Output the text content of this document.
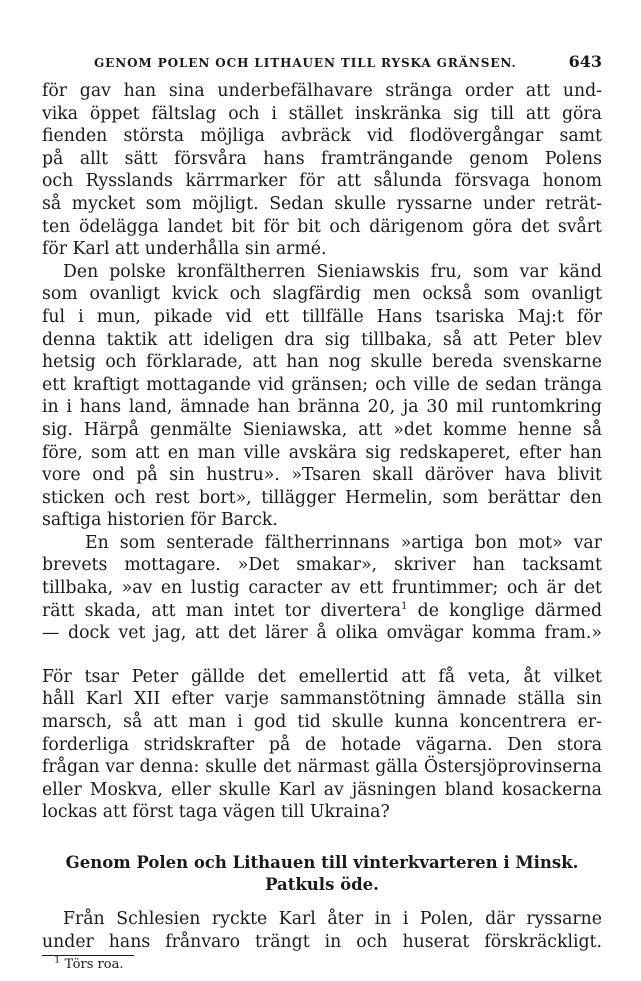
GENOM POLEN OCH LITHAUEN TILL RYSKA GRÄNSEN.	643
för gav han sina underbefälhavare stränga order att und-
vika öppet fältslag och i stället inskränka sig till att göra
fienden största möjliga avbräck vid flodövergångar samt
på allt sätt försvåra hans framträngande genom Polens
och Rysslands kärrmarker för att sålunda försvaga honom
så mycket som möjligt. Sedan skulle ryssarne under reträt-
ten ödelägga landet bit för bit och därigenom göra det svårt
för Karl att underhålla sin armé.
Den polske kronfältherren Sieniawskis fru, som var känd
som ovanligt kvick och slagfärdig men också som ovanligt
ful i mun, pikade vid ett tillfälle Hans tsariska Maj:t för
denna taktik att ideligen dra sig tillbaka, så att Peter blev
hetsig och förklarade, att han nog skulle bereda svenskarne
ett kraftigt mottagande vid gränsen; och ville de sedan tränga
in i hans land, ämnade han bränna 20, ja 30 mil runtomkring
sig. Härpå genmälte Sieniawska, att »det komme henne så
före, som att en man ville avskära sig redskaperet, efter han
vore ond på sin hustru». »Tsaren skall däröver hava blivit
sticken och rest bort», tillägger Hermelin, som berättar den
saftiga historien för Barck.
En som senterade fältherrinnans »artiga bon mot» var
brevets mottagare. »Det smakar», skriver han tacksamt
tillbaka, »av en lustig caracter av ett fruntimmer; och är det
rätt skada, att man intet tor divertera$^1$ de konglige därmed
— dock vet jag, att det lärer å olika omvägar komma fram.»
För tsar Peter gällde det emellertid att få veta, åt vilket
håll Karl XII efter varje sammanstötning ämnade ställa sin
marsch, så att man i god tid skulle kunna koncentrera er-
forderliga stridskrafter på de hotade vägarna. Den stora
frågan var denna: skulle det närmast gälla Östersjöprovinserna
eller Moskva, eller skulle Karl av jäsningen bland kosackerna
lockas att först taga vägen till Ukraina?
Genom Polen och Lithauen till vinterkvarteren i Minsk.
Patkuls öde.
Från Schlesien ryckte Karl åter in i Polen, där ryssarne
under hans frånvaro trängt in och huserat förskräckligt.
$^1$ Törs roa.
